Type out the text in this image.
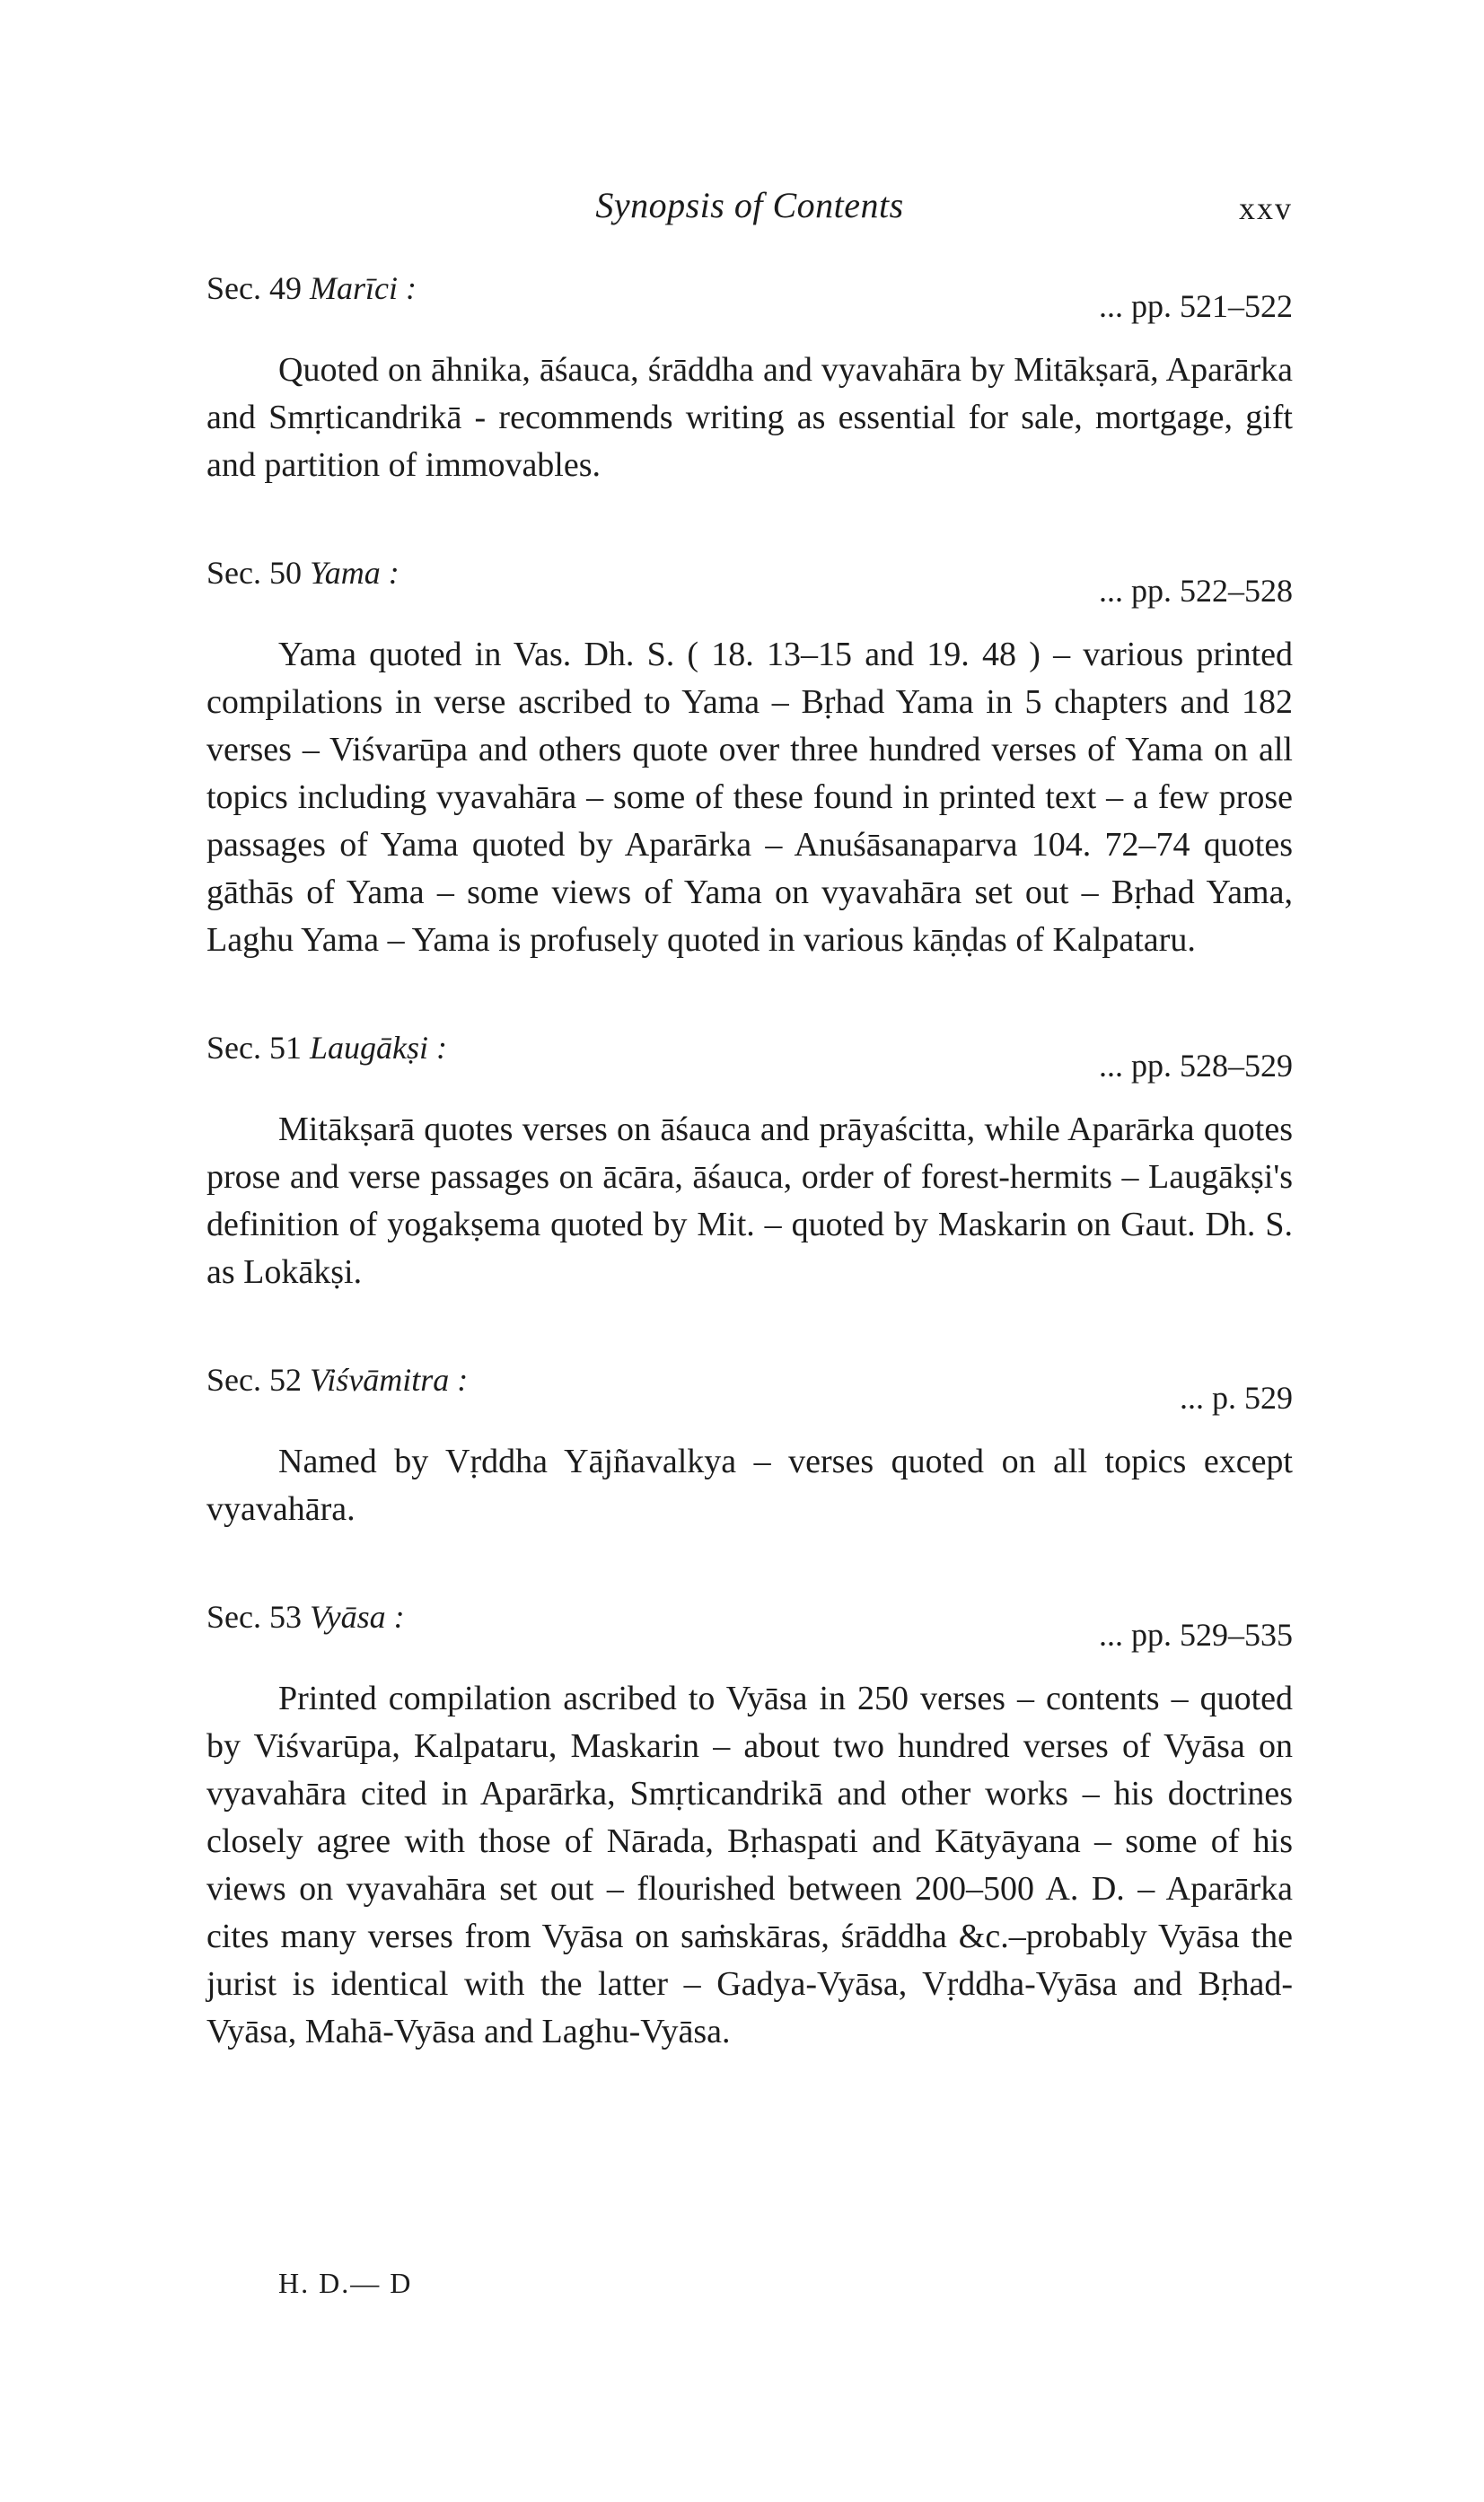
Synopsis of Contents	xxv
Sec. 49 Marīci :	... pp. 521–522

Quoted on āhnika, āśauca, śrāddha and vyavahāra by Mitākṣarā, Aparārka and Smṛticandrikā - recommends writing as essential for sale, mortgage, gift and partition of immovables.

Sec. 50 Yama :	... pp. 522–528

Yama quoted in Vas. Dh. S. ( 18. 13–15 and 19. 48 ) – various printed compilations in verse ascribed to Yama – Bṛhad Yama in 5 chapters and 182 verses – Viśvarūpa and others quote over three hundred verses of Yama on all topics including vyavahāra – some of these found in printed text – a few prose passages of Yama quoted by Aparārka – Anuśāsanaparva 104. 72–74 quotes gāthās of Yama – some views of Yama on vyavahāra set out – Bṛhad Yama, Laghu Yama – Yama is profusely quoted in various kāṇḍas of Kalpataru.

Sec. 51 Laugākṣi :	... pp. 528–529

Mitākṣarā quotes verses on āśauca and prāyaścitta, while Aparārka quotes prose and verse passages on ācāra, āśauca, order of forest-hermits – Laugākṣi's definition of yogakṣema quoted by Mit. – quoted by Maskarin on Gaut. Dh. S. as Lokākṣi.

Sec. 52 Viśvāmitra :	... p. 529

Named by Vṛddha Yājñavalkya – verses quoted on all topics except vyavahāra.

Sec. 53 Vyāsa :	... pp. 529–535

Printed compilation ascribed to Vyāsa in 250 verses – contents – quoted by Viśvarūpa, Kalpataru, Maskarin – about two hundred verses of Vyāsa on vyavahāra cited in Aparārka, Smṛticandrikā and other works – his doctrines closely agree with those of Nārada, Bṛhaspati and Kātyāyana – some of his views on vyavahāra set out – flourished between 200–500 A. D. – Aparārka cites many verses from Vyāsa on saṁskāras, śrāddha &c.–probably Vyāsa the jurist is identical with the latter – Gadya-Vyāsa, Vṛddha-Vyāsa and Bṛhad-Vyāsa, Mahā-Vyāsa and Laghu-Vyāsa.

H. D.— D
